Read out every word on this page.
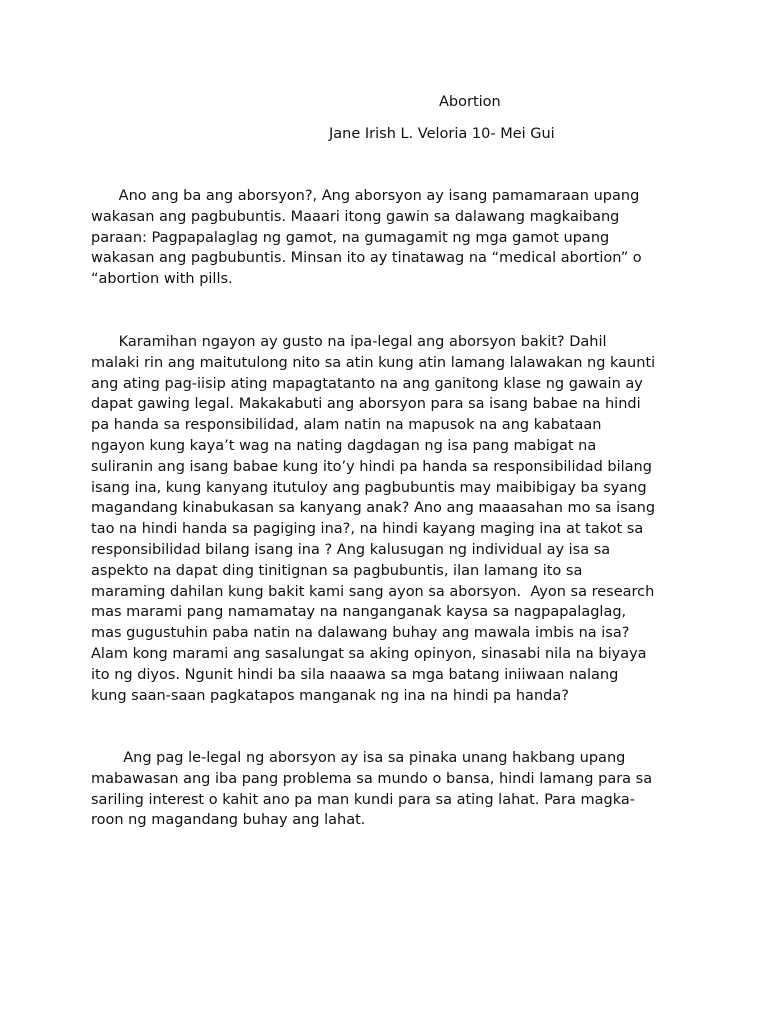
Abortion
Jane Irish L. Veloria 10- Mei Gui

Ano ang ba ang aborsyon?, Ang aborsyon ay isang pamamaraan upang
wakasan ang pagbubuntis. Maaari itong gawin sa dalawang magkaibang
paraan: Pagpapalaglag ng gamot, na gumagamit ng mga gamot upang
wakasan ang pagbubuntis. Minsan ito ay tinatawag na “medical abortion” o
“abortion with pills.

Karamihan ngayon ay gusto na ipa-legal ang aborsyon bakit? Dahil
malaki rin ang maitutulong nito sa atin kung atin lamang lalawakan ng kaunti
ang ating pag-iisip ating mapagtatanto na ang ganitong klase ng gawain ay
dapat gawing legal. Makakabuti ang aborsyon para sa isang babae na hindi
pa handa sa responsibilidad, alam natin na mapusok na ang kabataan
ngayon kung kaya’t wag na nating dagdagan ng isa pang mabigat na
suliranin ang isang babae kung ito’y hindi pa handa sa responsibilidad bilang
isang ina, kung kanyang itutuloy ang pagbubuntis may maibibigay ba syang
magandang kinabukasan sa kanyang anak? Ano ang maaasahan mo sa isang
tao na hindi handa sa pagiging ina?, na hindi kayang maging ina at takot sa
responsibilidad bilang isang ina ? Ang kalusugan ng individual ay isa sa
aspekto na dapat ding tinitignan sa pagbubuntis, ilan lamang ito sa
maraming dahilan kung bakit kami sang ayon sa aborsyon.  Ayon sa research
mas marami pang namamatay na nanganganak kaysa sa nagpapalaglag,
mas gugustuhin paba natin na dalawang buhay ang mawala imbis na isa?
Alam kong marami ang sasalungat sa aking opinyon, sinasabi nila na biyaya
ito ng diyos. Ngunit hindi ba sila naaawa sa mga batang iniiwaan nalang
kung saan-saan pagkatapos manganak ng ina na hindi pa handa?

Ang pag le-legal ng aborsyon ay isa sa pinaka unang hakbang upang
mabawasan ang iba pang problema sa mundo o bansa, hindi lamang para sa
sariling interest o kahit ano pa man kundi para sa ating lahat. Para magka-
roon ng magandang buhay ang lahat.
